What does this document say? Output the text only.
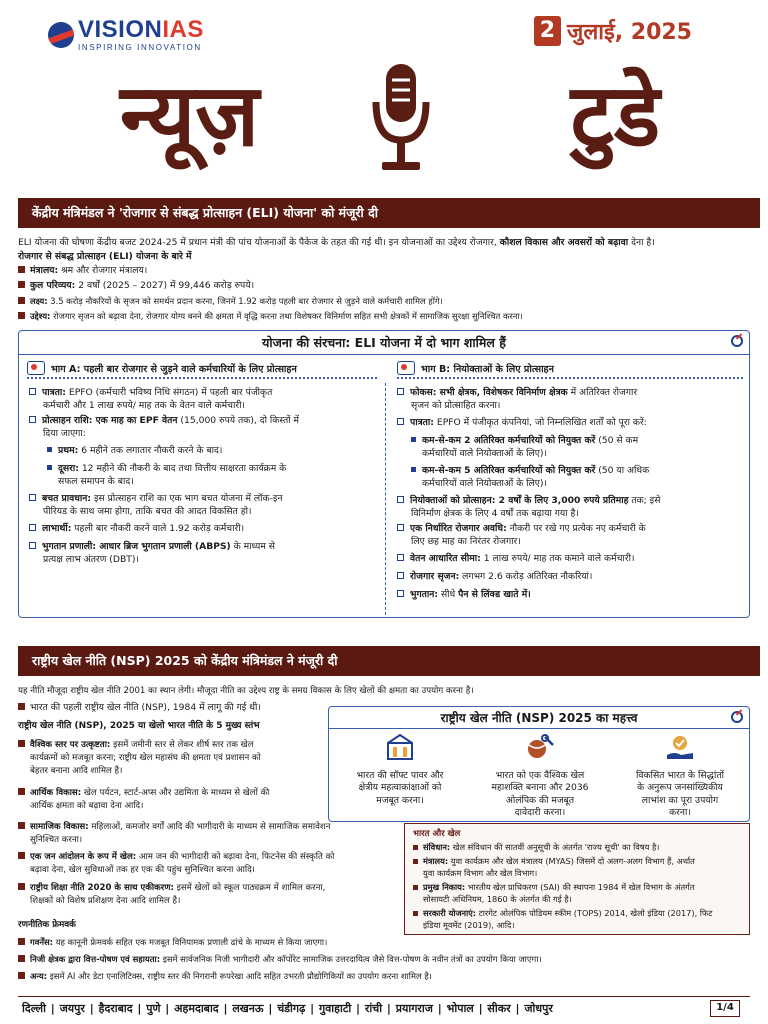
VISIONIAS
INSPIRING INNOVATION
2 जुलाई, 2025
न्यूज़	टुडे
केंद्रीय मंत्रिमंडल ने 'रोजगार से संबद्ध प्रोत्साहन (ELI) योजना' को मंजूरी दी
ELI योजना की घोषणा केंद्रीय बजट 2024-25 में प्रधान मंत्री की पांच योजनाओं के पैकेज के तहत की गई थी। इन योजनाओं का उद्देश्य रोजगार, कौशल विकास और अवसरों को बढ़ावा देना है।
रोजगार से संबद्ध प्रोत्साहन (ELI) योजना के बारे में
मंत्रालय: श्रम और रोजगार मंत्रालय।
कुल परिव्यय: 2 वर्षों (2025 – 2027) में 99,446 करोड़ रुपये।
लक्ष्य: 3.5 करोड़ नौकरियों के सृजन को समर्थन प्रदान करना, जिनमें 1.92 करोड़ पहली बार रोजगार से जुड़ने वाले कर्मचारी शामिल होंगे।
उद्देश्य: रोजगार सृजन को बढ़ावा देना, रोजगार योग्य बनने की क्षमता में वृद्धि करना तथा विशेषकर विनिर्माण सहित सभी क्षेत्रकों में सामाजिक सुरक्षा सुनिश्चित करना।
योजना की संरचना: ELI योजना में दो भाग शामिल हैं
भाग A: पहली बार रोजगार से जुड़ने वाले कर्मचारियों के लिए प्रोत्साहन	भाग B: नियोक्ताओं के लिए प्रोत्साहन
पात्रता: EPFO (कर्मचारी भविष्य निधि संगठन) में पहली बार पंजीकृत
कर्मचारी और 1 लाख रुपये/ माह तक के वेतन वाले कर्मचारी।
प्रोत्साहन राशि: एक माह का EPF वेतन (15,000 रुपये तक), दो किस्तों में
दिया जाएगा:
प्रथम: 6 महीने तक लगातार नौकरी करने के बाद।
दूसरा: 12 महीने की नौकरी के बाद तथा वित्तीय साक्षरता कार्यक्रम के
सफल समापन के बाद।
बचत प्रावधान: इस प्रोत्साहन राशि का एक भाग बचत योजना में लॉक-इन
पीरियड के साथ जमा होगा, ताकि बचत की आदत विकसित हो।
लाभार्थी: पहली बार नौकरी करने वाले 1.92 करोड़ कर्मचारी।
भुगतान प्रणाली: आधार ब्रिज भुगतान प्रणाली (ABPS) के माध्यम से
प्रत्यक्ष लाभ अंतरण (DBT)।
फोकस: सभी क्षेत्रक, विशेषकर विनिर्माण क्षेत्रक में अतिरिक्त रोजगार
सृजन को प्रोत्साहित करना।
पात्रता: EPFO में पंजीकृत कंपनियां, जो निम्नलिखित शर्तों को पूरा करें:
कम-से-कम 2 अतिरिक्त कर्मचारियों को नियुक्त करें (50 से कम
कर्मचारियों वाले नियोक्ताओं के लिए)।
कम-से-कम 5 अतिरिक्त कर्मचारियों को नियुक्त करें (50 या अधिक
कर्मचारियों वाले नियोक्ताओं के लिए)।
नियोक्ताओं को प्रोत्साहन: 2 वर्षों के लिए 3,000 रुपये प्रतिमाह तक; इसे
विनिर्माण क्षेत्रक के लिए 4 वर्षों तक बढ़ाया गया है।
एक निर्धारित रोजगार अवधि: नौकरी पर रखे गए प्रत्येक नए कर्मचारी के
लिए छह माह का निरंतर रोजगार।
वेतन आधारित सीमा: 1 लाख रुपये/ माह तक कमाने वाले कर्मचारी।
रोजगार सृजन: लगभग 2.6 करोड़ अतिरिक्त नौकरियां।
भुगतान: सीधे पैन से लिंक्ड खाते में।
राष्ट्रीय खेल नीति (NSP) 2025 को केंद्रीय मंत्रिमंडल ने मंजूरी दी
यह नीति मौजूदा राष्ट्रीय खेल नीति 2001 का स्थान लेगी। मौजूदा नीति का उद्देश्य राष्ट्र के समग्र विकास के लिए खेलों की क्षमता का उपयोग करना है।
भारत की पहली राष्ट्रीय खेल नीति (NSP), 1984 में लागू की गई थी।
राष्ट्रीय खेल नीति (NSP), 2025 या खेलो भारत नीति के 5 मुख्य स्तंभ
वैश्विक स्तर पर उत्कृष्टता: इसमें जमीनी स्तर से लेकर शीर्ष स्तर तक खेल
कार्यक्रमों को मजबूत करना; राष्ट्रीय खेल महासंघ की क्षमता एवं प्रशासन को
बेहतर बनाना आदि शामिल है।
आर्थिक विकास: खेल पर्यटन, स्टार्ट-अप्स और उद्यमिता के माध्यम से खेलों की
आर्थिक क्षमता को बढ़ावा देना आदि।
सामाजिक विकास: महिलाओं, कमजोर वर्गों आदि की भागीदारी के माध्यम से सामाजिक समावेशन
सुनिश्चित करना।
एक जन आंदोलन के रूप में खेल: आम जन की भागीदारी को बढ़ावा देना, फिटनेस की संस्कृति को
बढ़ावा देना, खेल सुविधाओं तक हर एक की पहुंच सुनिश्चित करना आदि।
राष्ट्रीय शिक्षा नीति 2020 के साथ एकीकरण: इसमें खेलों को स्कूल पाठ्यक्रम में शामिल करना,
शिक्षकों को विशेष प्रशिक्षण देना आदि शामिल है।
रणनीतिक फ्रेमवर्क
गवर्नेंस: यह कानूनी फ्रेमवर्क सहित एक मजबूत विनियामक प्रणाली ढांचे के माध्यम से किया जाएगा।
निजी क्षेत्रक द्वारा वित्त-पोषण एवं सहायता: इसमें सार्वजनिक निजी भागीदारी और कॉर्पोरेट सामाजिक उत्तरदायित्व जैसे वित्त-पोषण के नवीन तंत्रों का उपयोग किया जाएगा।
अन्य: इसमें AI और डेटा एनालिटिक्स, राष्ट्रीय स्तर की निगरानी रूपरेखा आदि सहित उभरती प्रौद्योगिकियों का उपयोग करना शामिल है।
राष्ट्रीय खेल नीति (NSP) 2025 का महत्त्व
भारत की सॉफ्ट पावर और
क्षेत्रीय महत्वाकांक्षाओं को
मजबूत करना।
भारत को एक वैश्विक खेल
महाशक्ति बनाना और 2036
ओलंपिक की मजबूत
दावेदारी करना।
विकसित भारत के सिद्धांतों
के अनुरूप जनसांख्यिकीय
लाभांश का पूरा उपयोग
करना।
भारत और खेल
संविधान: खेल संविधान की सातवीं अनुसूची के अंतर्गत 'राज्य सूची' का विषय है।
मंत्रालय: युवा कार्यक्रम और खेल मंत्रालय (MYAS) जिसमें दो अलग-अलग विभाग हैं, अर्थात
युवा कार्यक्रम विभाग और खेल विभाग।
प्रमुख निकाय: भारतीय खेल प्राधिकरण (SAI) की स्थापना 1984 में खेल विभाग के अंतर्गत
सोसायटी अधिनियम, 1860 के अंतर्गत की गई है।
सरकारी योजनाएं: टारगेट ओलंपिक पोडियम स्कीम (TOPS) 2014, खेलो इंडिया (2017), फिट
इंडिया मूवमेंट (2019), आदि।
दिल्ली | जयपुर | हैदराबाद | पुणे | अहमदाबाद | लखनऊ | चंडीगढ़ | गुवाहाटी | रांची | प्रयागराज | भोपाल | सीकर | जोधपुर	1/4
